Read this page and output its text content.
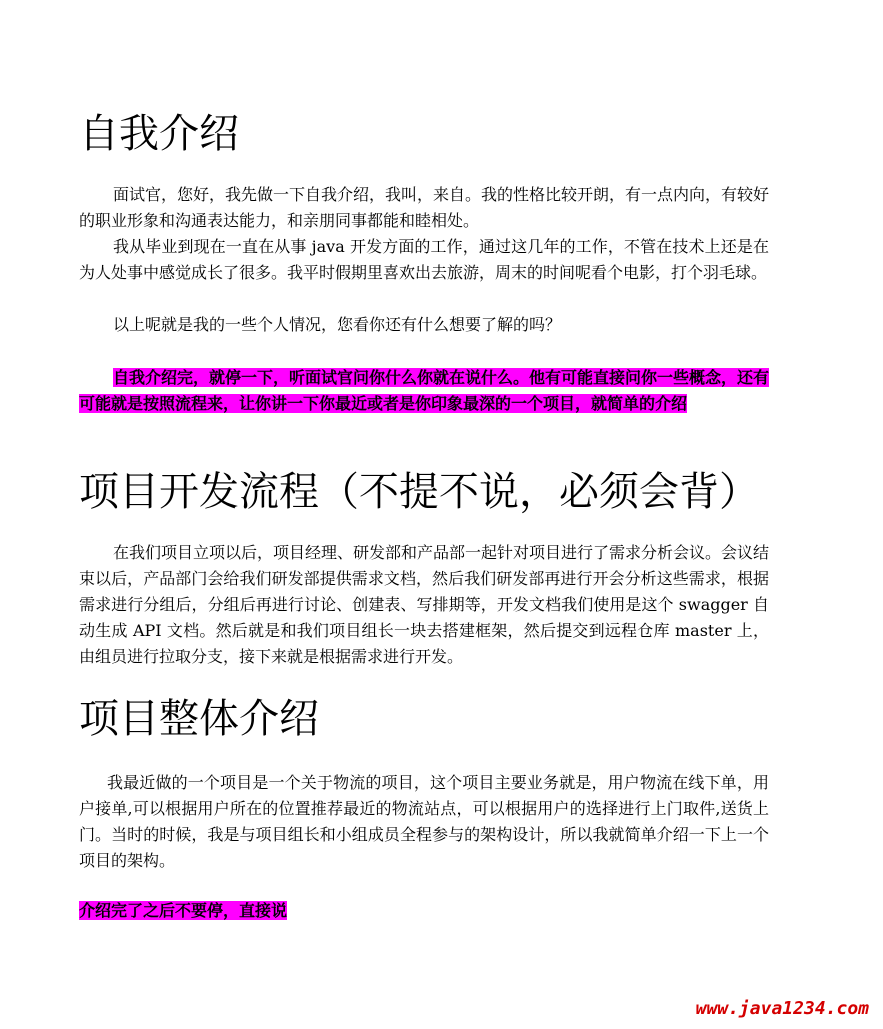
自我介绍

面试官，您好，我先做一下自我介绍，我叫，来自。我的性格比较开朗，有一点内向，有较好的职业形象和沟通表达能力，和亲朋同事都能和睦相处。

我从毕业到现在一直在从事 java 开发方面的工作，通过这几年的工作，不管在技术上还是在为人处事中感觉成长了很多。我平时假期里喜欢出去旅游，周末的时间呢看个电影，打个羽毛球。

以上呢就是我的一些个人情况，您看你还有什么想要了解的吗？

自我介绍完，就停一下，听面试官问你什么你就在说什么。他有可能直接问你一些概念，还有可能就是按照流程来，让你讲一下你最近或者是你印象最深的一个项目，就简单的介绍

项目开发流程（不提不说，必须会背）

在我们项目立项以后，项目经理、研发部和产品部一起针对项目进行了需求分析会议。会议结束以后，产品部门会给我们研发部提供需求文档，然后我们研发部再进行开会分析这些需求，根据需求进行分组后，分组后再进行讨论、创建表、写排期等，开发文档我们使用是这个 swagger 自动生成 API 文档。然后就是和我们项目组长一块去搭建框架，然后提交到远程仓库 master 上，由组员进行拉取分支，接下来就是根据需求进行开发。

项目整体介绍

我最近做的一个项目是一个关于物流的项目，这个项目主要业务就是，用户物流在线下单，用户接单,可以根据用户所在的位置推荐最近的物流站点，可以根据用户的选择进行上门取件,送货上门。当时的时候，我是与项目组长和小组成员全程参与的架构设计，所以我就简单介绍一下上一个项目的架构。

介绍完了之后不要停，直接说

www.java1234.com
